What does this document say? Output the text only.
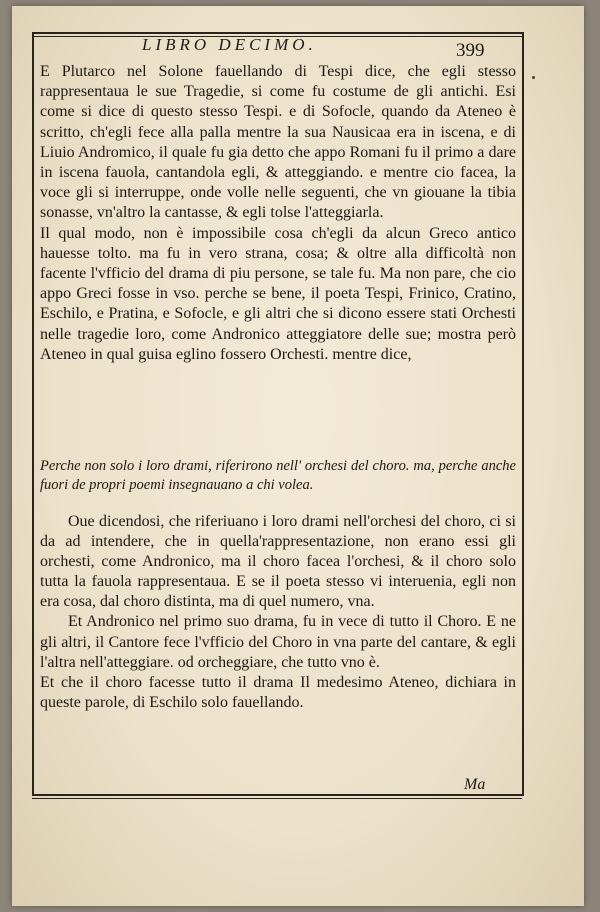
LIBRO DECIMO.	399

E Plutarco nel Solone fauellando di Tespi dice, che egli stesso rappresentaua le sue Tragedie, si come fu costume de gli antichi. Esi come si dice di questo stesso Tespi. e di Sofocle, quando da Ateneo è scritto, ch'egli fece alla palla mentre la sua Nausicaa era in iscena, e di Liuio Andromico, il quale fu gia detto che appo Romani fu il primo a dare in iscena fauola, cantandola egli, & atteggiando. e mentre cio facea, la voce gli si interruppe, onde volle nelle seguenti, che vn giouane la tibia sonasse, vn'altro la cantasse, & egli tolse l'atteggiarla.

Il qual modo, non è impossibile cosa ch'egli da alcun Greco antico hauesse tolto. ma fu in vero strana, cosa; & oltre alla difficoltà non facente l'vfficio del drama di piu persone, se tale fu. Ma non pare, che cio appo Greci fosse in vso. perche se bene, il poeta Tespi, Frinico, Cratino, Eschilo, e Pratina, e Sofocle, e gli altri che si dicono essere stati Orchesti nelle tragedie loro, come Andronico atteggiatore delle sue; mostra però Ateneo in qual guisa eglino fossero Orchesti. mentre dice,

Perche non solo i loro drami, riferirono nell' orchesi del choro. ma, perche anche fuori de propri poemi insegnauano a chi volea.

Oue dicendosi, che riferiuano i loro drami nell'orchesi del choro, ci si da ad intendere, che in quella'rappresentazione, non erano essi gli orchesti, come Andronico, ma il choro facea l'orchesi, & il choro solo tutta la fauola rappresentaua. E se il poeta stesso vi interuenia, egli non era cosa, dal choro distinta, ma di quel numero, vna.

Et Andronico nel primo suo drama, fu in vece di tutto il Choro. E ne gli altri, il Cantore fece l'vfficio del Choro in vna parte del cantare, & egli l'altra nell'atteggiare. od orcheggiare, che tutto vno è.

Et che il choro facesse tutto il drama Il medesimo Ateneo, dichiara in queste parole, di Eschilo solo fauellando.

Ma
